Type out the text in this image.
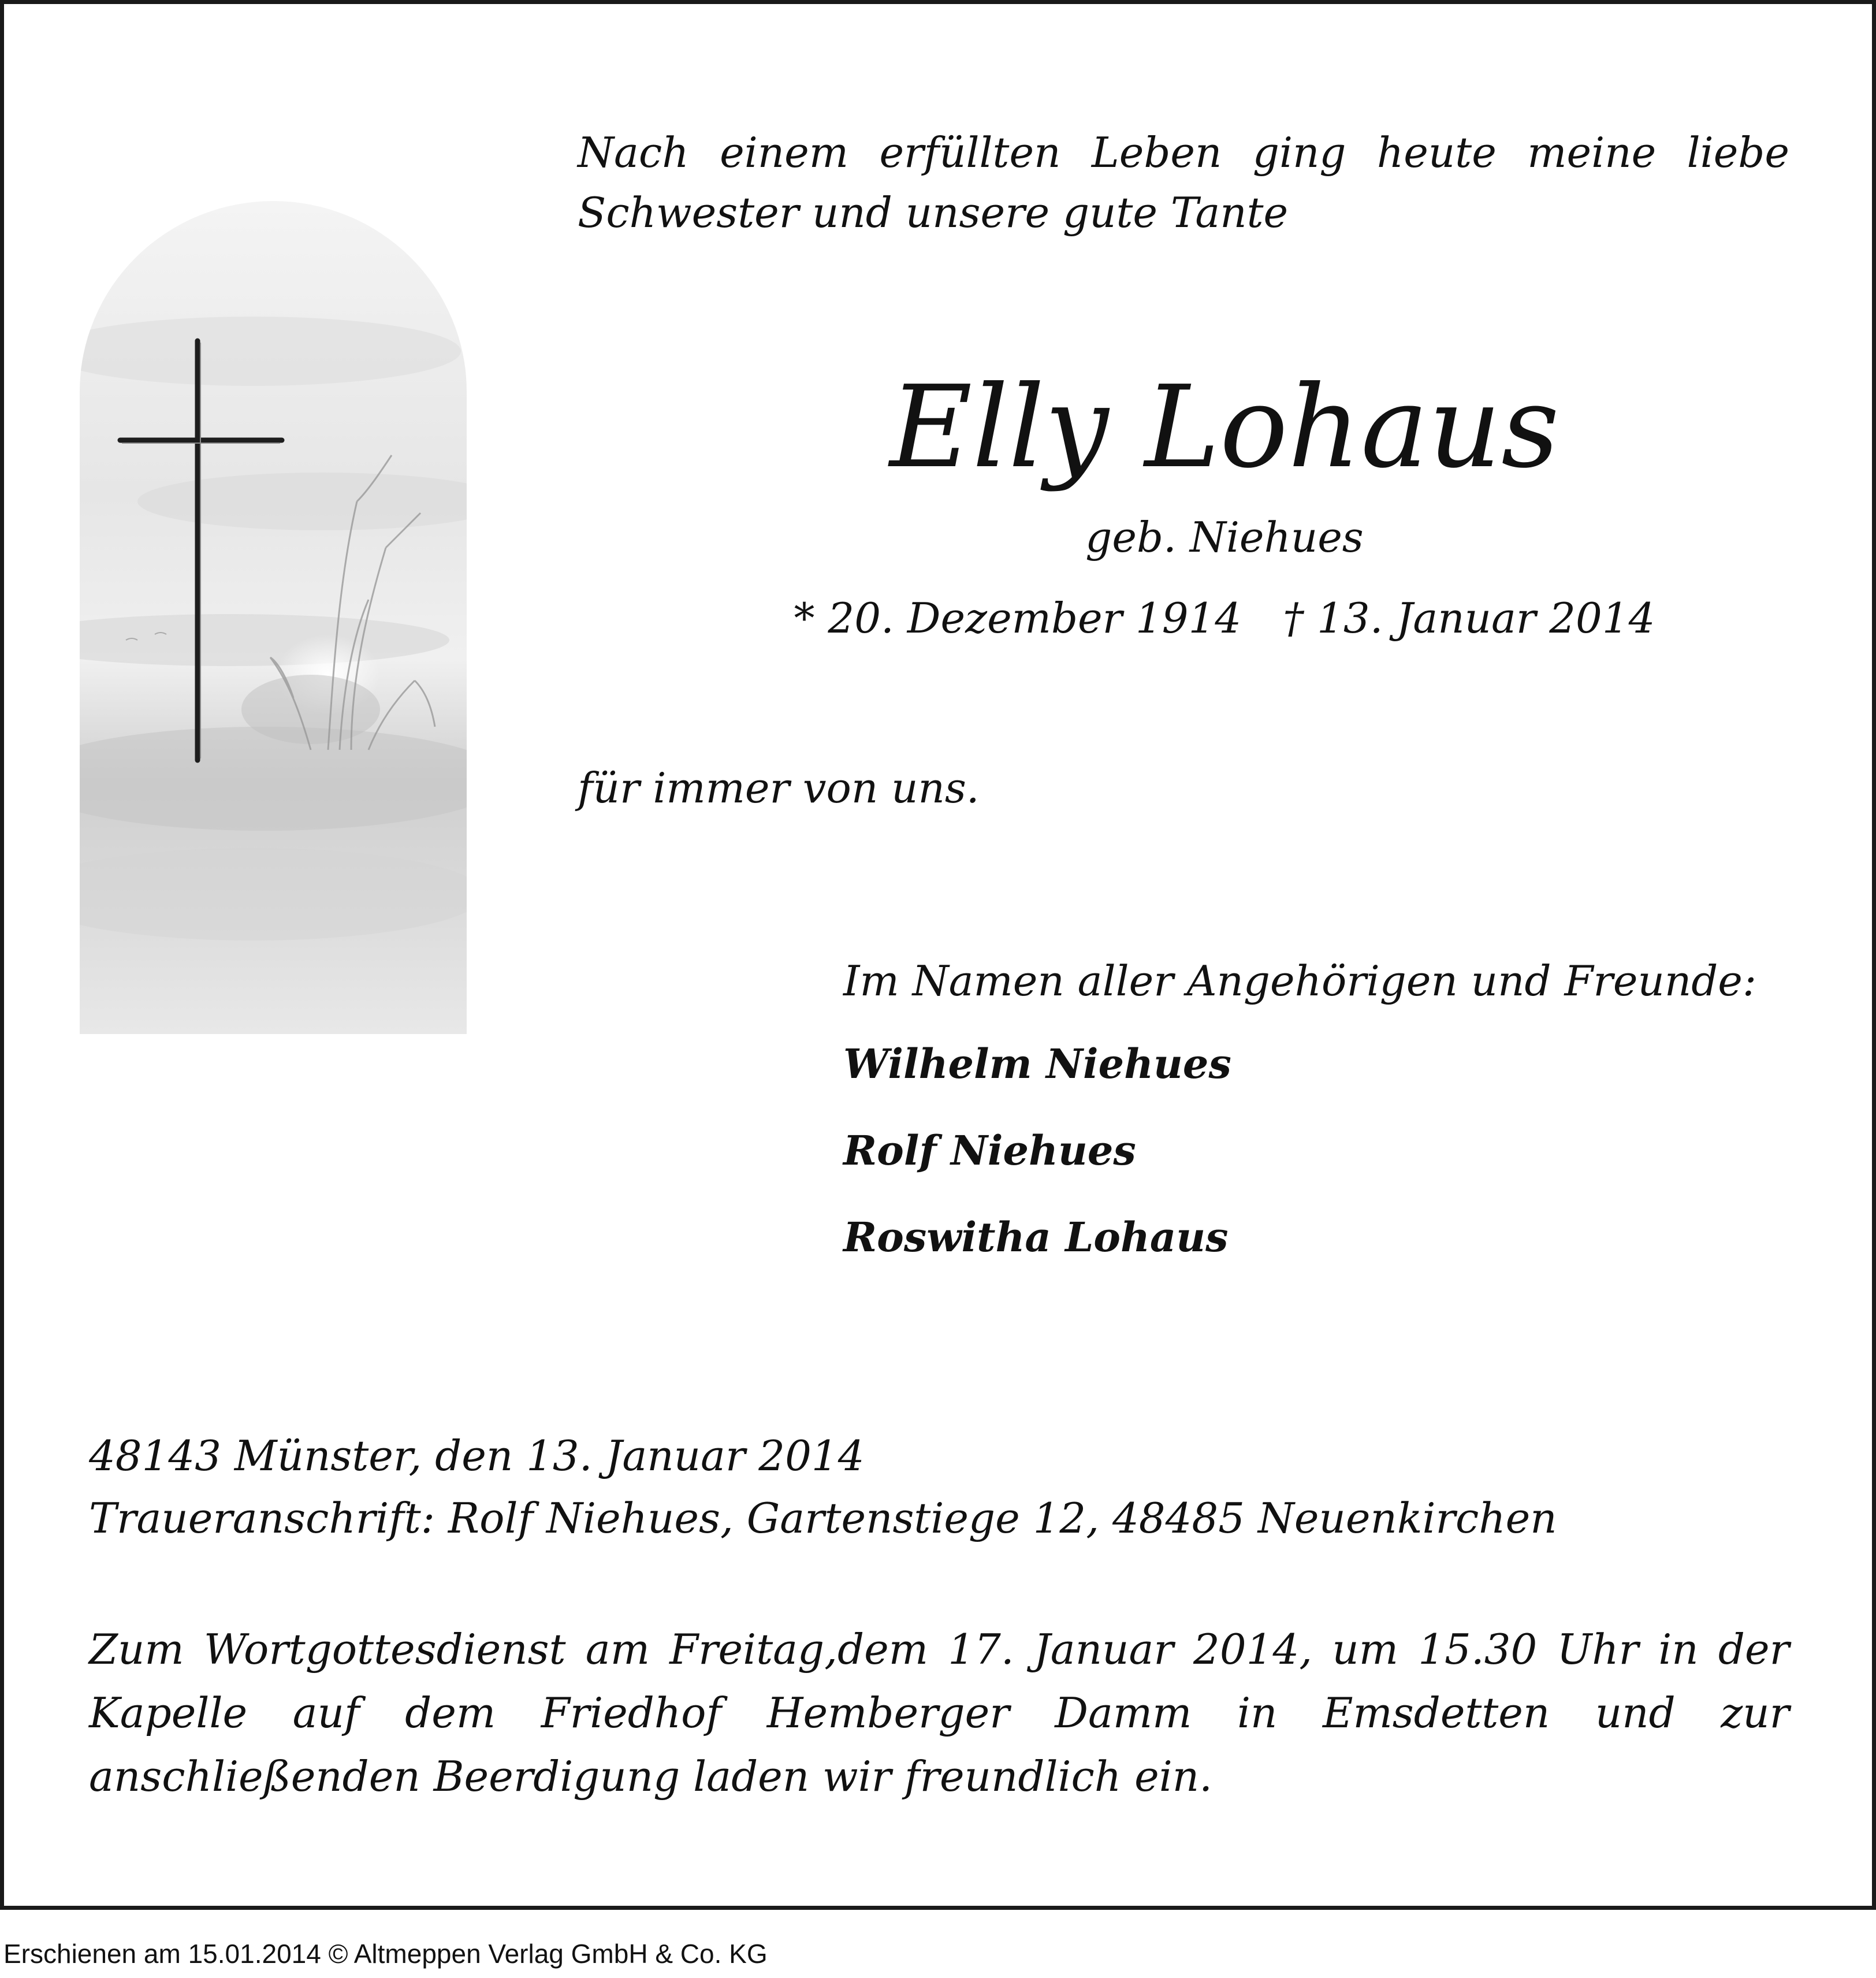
Nach einem erfüllten Leben ging heute meine liebe Schwester und unsere gute Tante
Elly Lohaus
geb. Niehues
* 20. Dezember 1914 † 13. Januar 2014
für immer von uns.
Im Namen aller Angehörigen und Freunde:
Wilhelm Niehues
Rolf Niehues
Roswitha Lohaus
48143 Münster, den 13. Januar 2014
Traueranschrift: Rolf Niehues, Gartenstiege 12, 48485 Neuenkirchen
Zum Wortgottesdienst am Freitag,dem 17. Januar 2014, um 15.30 Uhr in der Kapelle auf dem Friedhof Hemberger Damm in Emsdetten und zur anschließenden Beerdigung laden wir freundlich ein.
Erschienen am 15.01.2014 © Altmeppen Verlag GmbH & Co. KG
